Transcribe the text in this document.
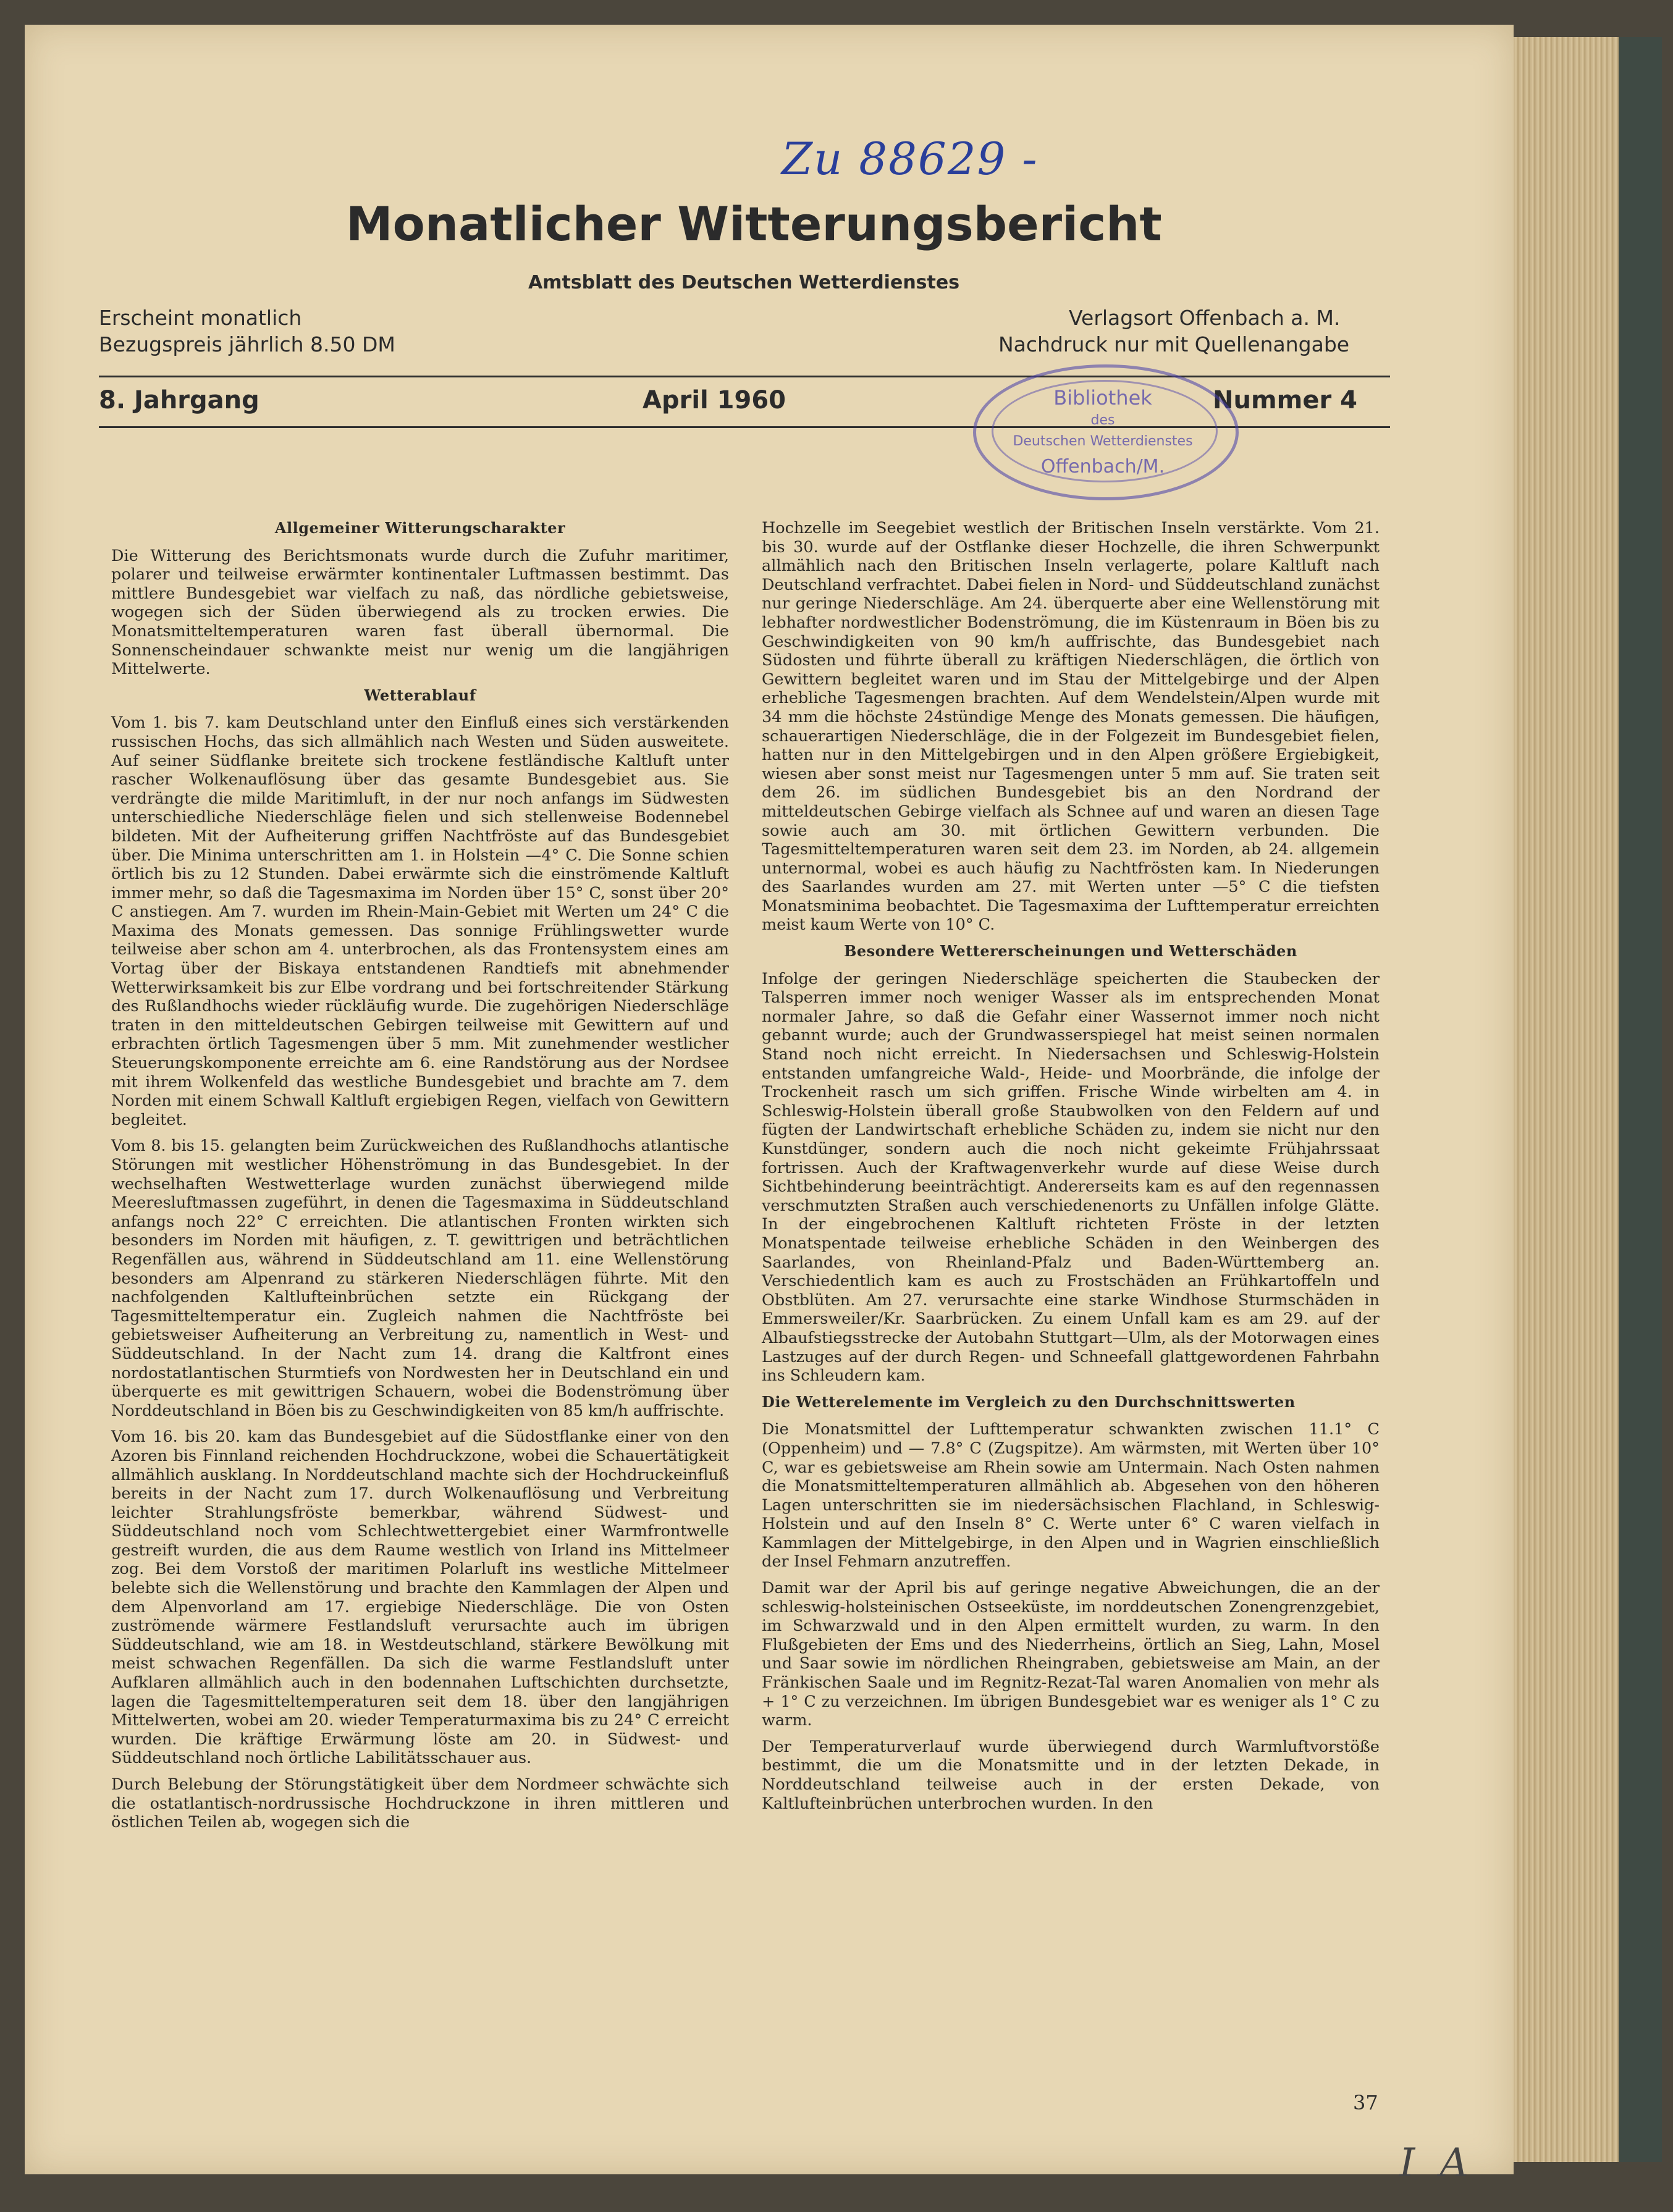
Zu 88629 -
Monatlicher Witterungsbericht
Amtsblatt des Deutschen Wetterdienstes
Erscheint monatlich
Bezugspreis jährlich 8.50 DM
Verlagsort Offenbach a. M.
Nachdruck nur mit Quellenangabe
8. Jahrgang	April 1960	Nummer 4
Bibliothek
des
Deutschen Wetterdienstes
Offenbach/M.
Allgemeiner Witterungscharakter

Die Witterung des Berichtsmonats wurde durch die Zufuhr maritimer, polarer und teilweise erwärmter kontinentaler Luftmassen bestimmt. Das mittlere Bundesgebiet war vielfach zu naß, das nördliche gebietsweise, wogegen sich der Süden überwiegend als zu trocken erwies. Die Monatsmitteltemperaturen waren fast überall übernormal. Die Sonnenscheindauer schwankte meist nur wenig um die langjährigen Mittelwerte.

Wetterablauf

Vom 1. bis 7. kam Deutschland unter den Einfluß eines sich verstärkenden russischen Hochs, das sich allmählich nach Westen und Süden ausweitete. Auf seiner Südflanke breitete sich trockene festländische Kaltluft unter rascher Wolkenauflösung über das gesamte Bundesgebiet aus. Sie verdrängte die milde Maritimluft, in der nur noch anfangs im Südwesten unterschiedliche Niederschläge fielen und sich stellenweise Bodennebel bildeten. Mit der Aufheiterung griffen Nachtfröste auf das Bundesgebiet über. Die Minima unterschritten am 1. in Holstein —4° C. Die Sonne schien örtlich bis zu 12 Stunden. Dabei erwärmte sich die einströmende Kaltluft immer mehr, so daß die Tagesmaxima im Norden über 15° C, sonst über 20° C anstiegen. Am 7. wurden im Rhein-Main-Gebiet mit Werten um 24° C die Maxima des Monats gemessen. Das sonnige Frühlingswetter wurde teilweise aber schon am 4. unterbrochen, als das Frontensystem eines am Vortag über der Biskaya entstandenen Randtiefs mit abnehmender Wetterwirksamkeit bis zur Elbe vordrang und bei fortschreitender Stärkung des Rußlandhochs wieder rückläufig wurde. Die zugehörigen Niederschläge traten in den mitteldeutschen Gebirgen teilweise mit Gewittern auf und erbrachten örtlich Tagesmengen über 5 mm. Mit zunehmender westlicher Steuerungskomponente erreichte am 6. eine Randstörung aus der Nordsee mit ihrem Wolkenfeld das westliche Bundesgebiet und brachte am 7. dem Norden mit einem Schwall Kaltluft ergiebigen Regen, vielfach von Gewittern begleitet.

Vom 8. bis 15. gelangten beim Zurückweichen des Rußlandhochs atlantische Störungen mit westlicher Höhenströmung in das Bundesgebiet. In der wechselhaften Westwetterlage wurden zunächst überwiegend milde Meeresluftmassen zugeführt, in denen die Tagesmaxima in Süddeutschland anfangs noch 22° C erreichten. Die atlantischen Fronten wirkten sich besonders im Norden mit häufigen, z. T. gewittrigen und beträchtlichen Regenfällen aus, während in Süddeutschland am 11. eine Wellenstörung besonders am Alpenrand zu stärkeren Niederschlägen führte. Mit den nachfolgenden Kaltlufteinbrüchen setzte ein Rückgang der Tagesmitteltemperatur ein. Zugleich nahmen die Nachtfröste bei gebietsweiser Aufheiterung an Verbreitung zu, namentlich in West- und Süddeutschland. In der Nacht zum 14. drang die Kaltfront eines nordostatlantischen Sturmtiefs von Nordwesten her in Deutschland ein und überquerte es mit gewittrigen Schauern, wobei die Bodenströmung über Norddeutschland in Böen bis zu Geschwindigkeiten von 85 km/h auffrischte.

Vom 16. bis 20. kam das Bundesgebiet auf die Südostflanke einer von den Azoren bis Finnland reichenden Hochdruckzone, wobei die Schauertätigkeit allmählich ausklang. In Norddeutschland machte sich der Hochdruckeinfluß bereits in der Nacht zum 17. durch Wolkenauflösung und Verbreitung leichter Strahlungsfröste bemerkbar, während Südwest- und Süddeutschland noch vom Schlechtwettergebiet einer Warmfrontwelle gestreift wurden, die aus dem Raume westlich von Irland ins Mittelmeer zog. Bei dem Vorstoß der maritimen Polarluft ins westliche Mittelmeer belebte sich die Wellenstörung und brachte den Kammlagen der Alpen und dem Alpenvorland am 17. ergiebige Niederschläge. Die von Osten zuströmende wärmere Festlandsluft verursachte auch im übrigen Süddeutschland, wie am 18. in Westdeutschland, stärkere Bewölkung mit meist schwachen Regenfällen. Da sich die warme Festlandsluft unter Aufklaren allmählich auch in den bodennahen Luftschichten durchsetzte, lagen die Tagesmitteltemperaturen seit dem 18. über den langjährigen Mittelwerten, wobei am 20. wieder Temperaturmaxima bis zu 24° C erreicht wurden. Die kräftige Erwärmung löste am 20. in Südwest- und Süddeutschland noch örtliche Labilitätsschauer aus.

Durch Belebung der Störungstätigkeit über dem Nordmeer schwächte sich die ostatlantisch-nordrussische Hochdruckzone in ihren mittleren und östlichen Teilen ab, wogegen sich die

Hochzelle im Seegebiet westlich der Britischen Inseln verstärkte. Vom 21. bis 30. wurde auf der Ostflanke dieser Hochzelle, die ihren Schwerpunkt allmählich nach den Britischen Inseln verlagerte, polare Kaltluft nach Deutschland verfrachtet. Dabei fielen in Nord- und Süddeutschland zunächst nur geringe Niederschläge. Am 24. überquerte aber eine Wellenstörung mit lebhafter nordwestlicher Bodenströmung, die im Küstenraum in Böen bis zu Geschwindigkeiten von 90 km/h auffrischte, das Bundesgebiet nach Südosten und führte überall zu kräftigen Niederschlägen, die örtlich von Gewittern begleitet waren und im Stau der Mittelgebirge und der Alpen erhebliche Tagesmengen brachten. Auf dem Wendelstein/Alpen wurde mit 34 mm die höchste 24stündige Menge des Monats gemessen. Die häufigen, schauerartigen Niederschläge, die in der Folgezeit im Bundesgebiet fielen, hatten nur in den Mittelgebirgen und in den Alpen größere Ergiebigkeit, wiesen aber sonst meist nur Tagesmengen unter 5 mm auf. Sie traten seit dem 26. im südlichen Bundesgebiet bis an den Nordrand der mitteldeutschen Gebirge vielfach als Schnee auf und waren an diesen Tage sowie auch am 30. mit örtlichen Gewittern verbunden. Die Tagesmitteltemperaturen waren seit dem 23. im Norden, ab 24. allgemein unternormal, wobei es auch häufig zu Nachtfrösten kam. In Niederungen des Saarlandes wurden am 27. mit Werten unter —5° C die tiefsten Monatsminima beobachtet. Die Tagesmaxima der Lufttemperatur erreichten meist kaum Werte von 10° C.

Besondere Wettererscheinungen und Wetterschäden

Infolge der geringen Niederschläge speicherten die Staubecken der Talsperren immer noch weniger Wasser als im entsprechenden Monat normaler Jahre, so daß die Gefahr einer Wassernot immer noch nicht gebannt wurde; auch der Grundwasserspiegel hat meist seinen normalen Stand noch nicht erreicht. In Niedersachsen und Schleswig-Holstein entstanden umfangreiche Wald-, Heide- und Moorbrände, die infolge der Trockenheit rasch um sich griffen. Frische Winde wirbelten am 4. in Schleswig-Holstein überall große Staubwolken von den Feldern auf und fügten der Landwirtschaft erhebliche Schäden zu, indem sie nicht nur den Kunstdünger, sondern auch die noch nicht gekeimte Frühjahrssaat fortrissen. Auch der Kraftwagenverkehr wurde auf diese Weise durch Sichtbehinderung beeinträchtigt. Andererseits kam es auf den regennassen verschmutzten Straßen auch verschiedenenorts zu Unfällen infolge Glätte. In der eingebrochenen Kaltluft richteten Fröste in der letzten Monatspentade teilweise erhebliche Schäden in den Weinbergen des Saarlandes, von Rheinland-Pfalz und Baden-Württemberg an. Verschiedentlich kam es auch zu Frostschäden an Frühkartoffeln und Obstblüten. Am 27. verursachte eine starke Windhose Sturmschäden in Emmersweiler/Kr. Saarbrücken. Zu einem Unfall kam es am 29. auf der Albaufstiegsstrecke der Autobahn Stuttgart—Ulm, als der Motorwagen eines Lastzuges auf der durch Regen- und Schneefall glattgewordenen Fahrbahn ins Schleudern kam.

Die Wetterelemente im Vergleich zu den Durchschnittswerten

Die Monatsmittel der Lufttemperatur schwankten zwischen 11.1° C (Oppenheim) und — 7.8° C (Zugspitze). Am wärmsten, mit Werten über 10° C, war es gebietsweise am Rhein sowie am Untermain. Nach Osten nahmen die Monatsmitteltemperaturen allmählich ab. Abgesehen von den höheren Lagen unterschritten sie im niedersächsischen Flachland, in Schleswig-Holstein und auf den Inseln 8° C. Werte unter 6° C waren vielfach in Kammlagen der Mittelgebirge, in den Alpen und in Wagrien einschließlich der Insel Fehmarn anzutreffen.

Damit war der April bis auf geringe negative Abweichungen, die an der schleswig-holsteinischen Ostseeküste, im norddeutschen Zonengrenzgebiet, im Schwarzwald und in den Alpen ermittelt wurden, zu warm. In den Flußgebieten der Ems und des Niederrheins, örtlich an Sieg, Lahn, Mosel und Saar sowie im nördlichen Rheingraben, gebietsweise am Main, an der Fränkischen Saale und im Regnitz-Rezat-Tal waren Anomalien von mehr als + 1° C zu verzeichnen. Im übrigen Bundesgebiet war es weniger als 1° C zu warm.

Der Temperaturverlauf wurde überwiegend durch Warmluftvorstöße bestimmt, die um die Monatsmitte und in der letzten Dekade, in Norddeutschland teilweise auch in der ersten Dekade, von Kaltlufteinbrüchen unterbrochen wurden. In den

37
I A
